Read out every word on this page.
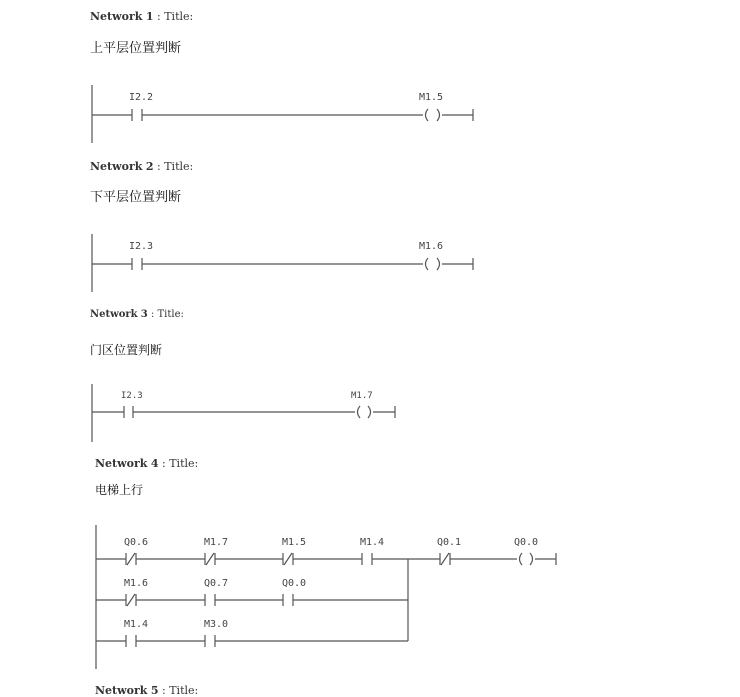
Network 1 : Title:
上平层位置判断
I2.2	M1.5
Network 2 : Title:
下平层位置判断
I2.3	M1.6
Network 3 : Title:
门区位置判断
I2.3	M1.7
Network 4 : Title:
电梯上行
Q0.6	M1.7	M1.5	M1.4	Q0.1	Q0.0
M1.6	Q0.7	Q0.0
M1.4	M3.0
Network 5 : Title:
